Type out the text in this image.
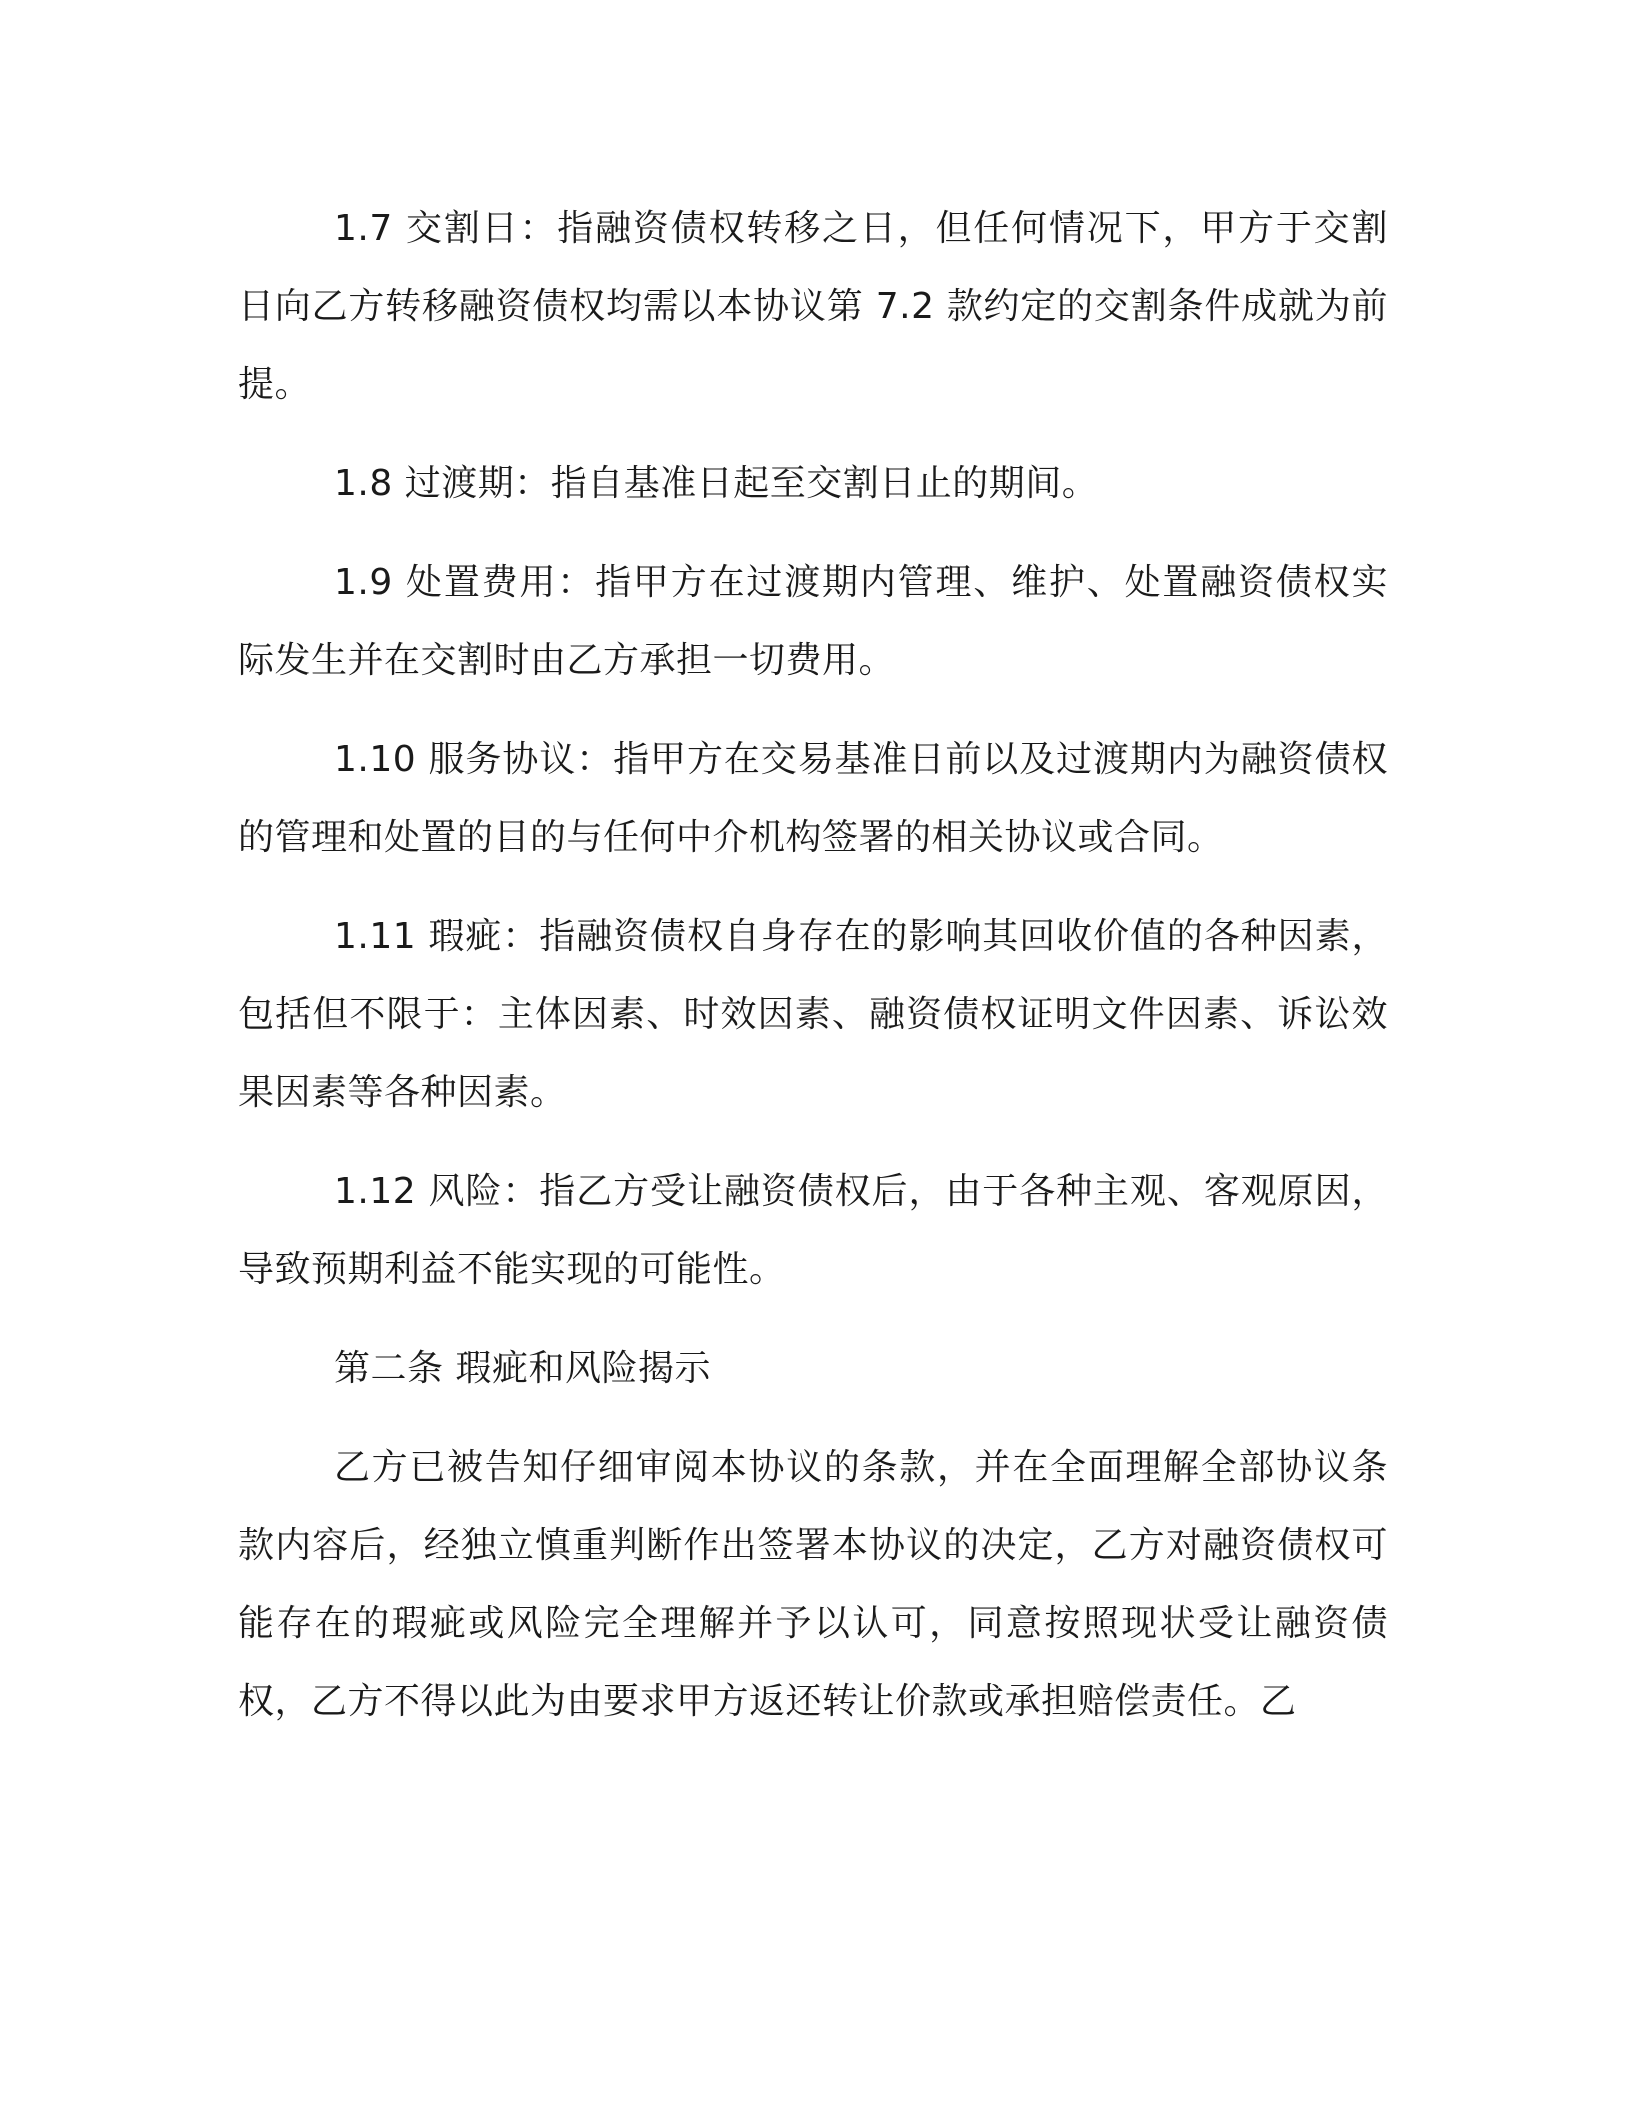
1.7 交割日：指融资债权转移之日，但任何情况下，甲方于交割日向乙方转移融资债权均需以本协议第 7.2 款约定的交割条件成就为前提。

1.8 过渡期：指自基准日起至交割日止的期间。

1.9 处置费用：指甲方在过渡期内管理、维护、处置融资债权实际发生并在交割时由乙方承担一切费用。

1.10 服务协议：指甲方在交易基准日前以及过渡期内为融资债权的管理和处置的目的与任何中介机构签署的相关协议或合同。

1.11 瑕疵：指融资债权自身存在的影响其回收价值的各种因素，包括但不限于：主体因素、时效因素、融资债权证明文件因素、诉讼效果因素等各种因素。

1.12 风险：指乙方受让融资债权后，由于各种主观、客观原因，导致预期利益不能实现的可能性。

第二条 瑕疵和风险揭示

乙方已被告知仔细审阅本协议的条款，并在全面理解全部协议条款内容后，经独立慎重判断作出签署本协议的决定，乙方对融资债权可能存在的瑕疵或风险完全理解并予以认可，同意按照现状受让融资债权，乙方不得以此为由要求甲方返还转让价款或承担赔偿责任。乙
